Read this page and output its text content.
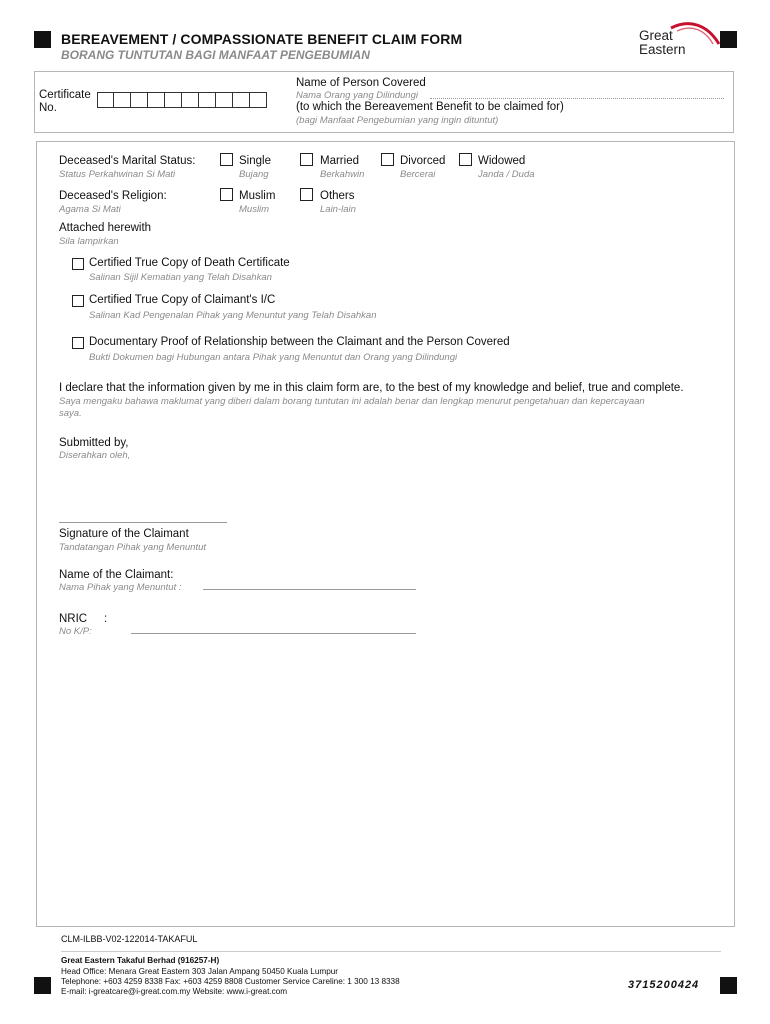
BEREAVEMENT / COMPASSIONATE BENEFIT CLAIM FORM
BORANG TUNTUTAN BAGI MANFAAT PENGEBUMIAN
Great
Eastern
Certificate
No.
Name of Person Covered
Nama Orang yang Dilindungi
(to which the Bereavement Benefit to be claimed for)
(bagi Manfaat Pengebumian yang ingin dituntut)
Deceased's Marital Status:
Status Perkahwinan Si Mati
Single
Bujang
Married
Berkahwin
Divorced
Bercerai
Widowed
Janda / Duda
Deceased's Religion:
Agama Si Mati
Muslim
Muslim
Others
Lain-lain
Attached herewith
Sila lampirkan
Certified True Copy of Death Certificate
Salinan Sijil Kematian yang Telah Disahkan
Certified True Copy of Claimant's I/C
Salinan Kad Pengenalan Pihak yang Menuntut yang Telah Disahkan
Documentary Proof of Relationship between the Claimant and the Person Covered
Bukti Dokumen bagi Hubungan antara Pihak yang Menuntut dan Orang yang Dilindungi
I declare that the information given by me in this claim form are, to the best of my knowledge and belief, true and complete.
Saya mengaku bahawa maklumat yang diberi dalam borang tuntutan ini adalah benar dan lengkap menurut pengetahuan dan kepercayaan
saya.
Submitted by,
Diserahkan oleh,
Signature of the Claimant
Tandatangan Pihak yang Menuntut
Name of the Claimant:
Nama Pihak yang Menuntut :
NRIC :
No K/P:
CLM-ILBB-V02-122014-TAKAFUL
Great Eastern Takaful Berhad (916257-H)
Head Office: Menara Great Eastern 303 Jalan Ampang 50450 Kuala Lumpur
Telephone: +603 4259 8338 Fax: +603 4259 8808 Customer Service Careline: 1 300 13 8338
E-mail: i-greatcare@i-great.com.my Website: www.i-great.com
3715200424
